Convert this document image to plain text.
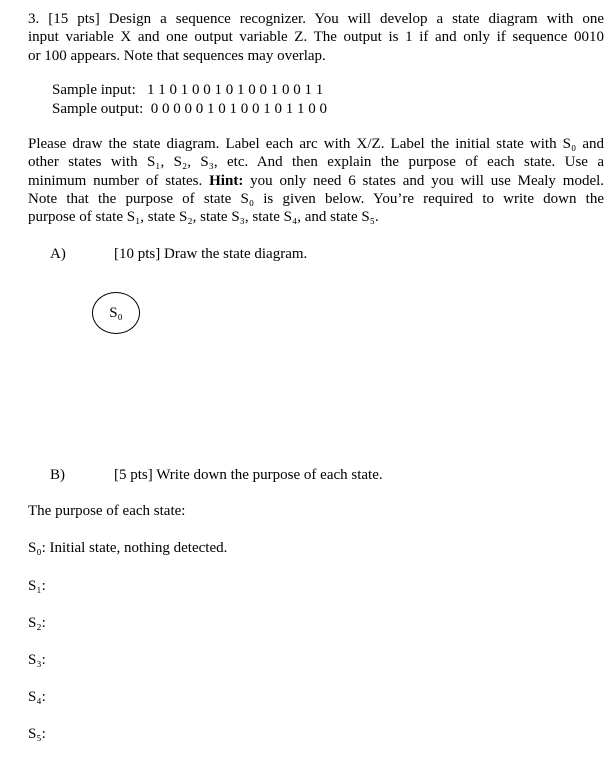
3. [15 pts] Design a sequence recognizer. You will develop a state diagram with one
input variable X and one output variable Z. The output is 1 if and only if sequence 0010
or 100 appears. Note that sequences may overlap.
Sample input: 1 1 0 1 0 0 1 0 1 0 0 1 0 0 1 1
Sample output: 0 0 0 0 0 1 0 1 0 0 1 0 1 1 0 0
Please draw the state diagram. Label each arc with X/Z. Label the initial state with S₀ and
other states with S₁, S₂, S₃, etc. And then explain the purpose of each state. Use a
minimum number of states. Hint: you only need 6 states and you will use Mealy model.
Note that the purpose of state S₀ is given below. You’re required to write down the
purpose of state S₁, state S₂, state S₃, state S₄, and state S₅.
A)	[10 pts] Draw the state diagram.
S₀
B)	[5 pts] Write down the purpose of each state.
The purpose of each state:
S₀: Initial state, nothing detected.
S₁:
S₂:
S₃:
S₄:
S₅:
